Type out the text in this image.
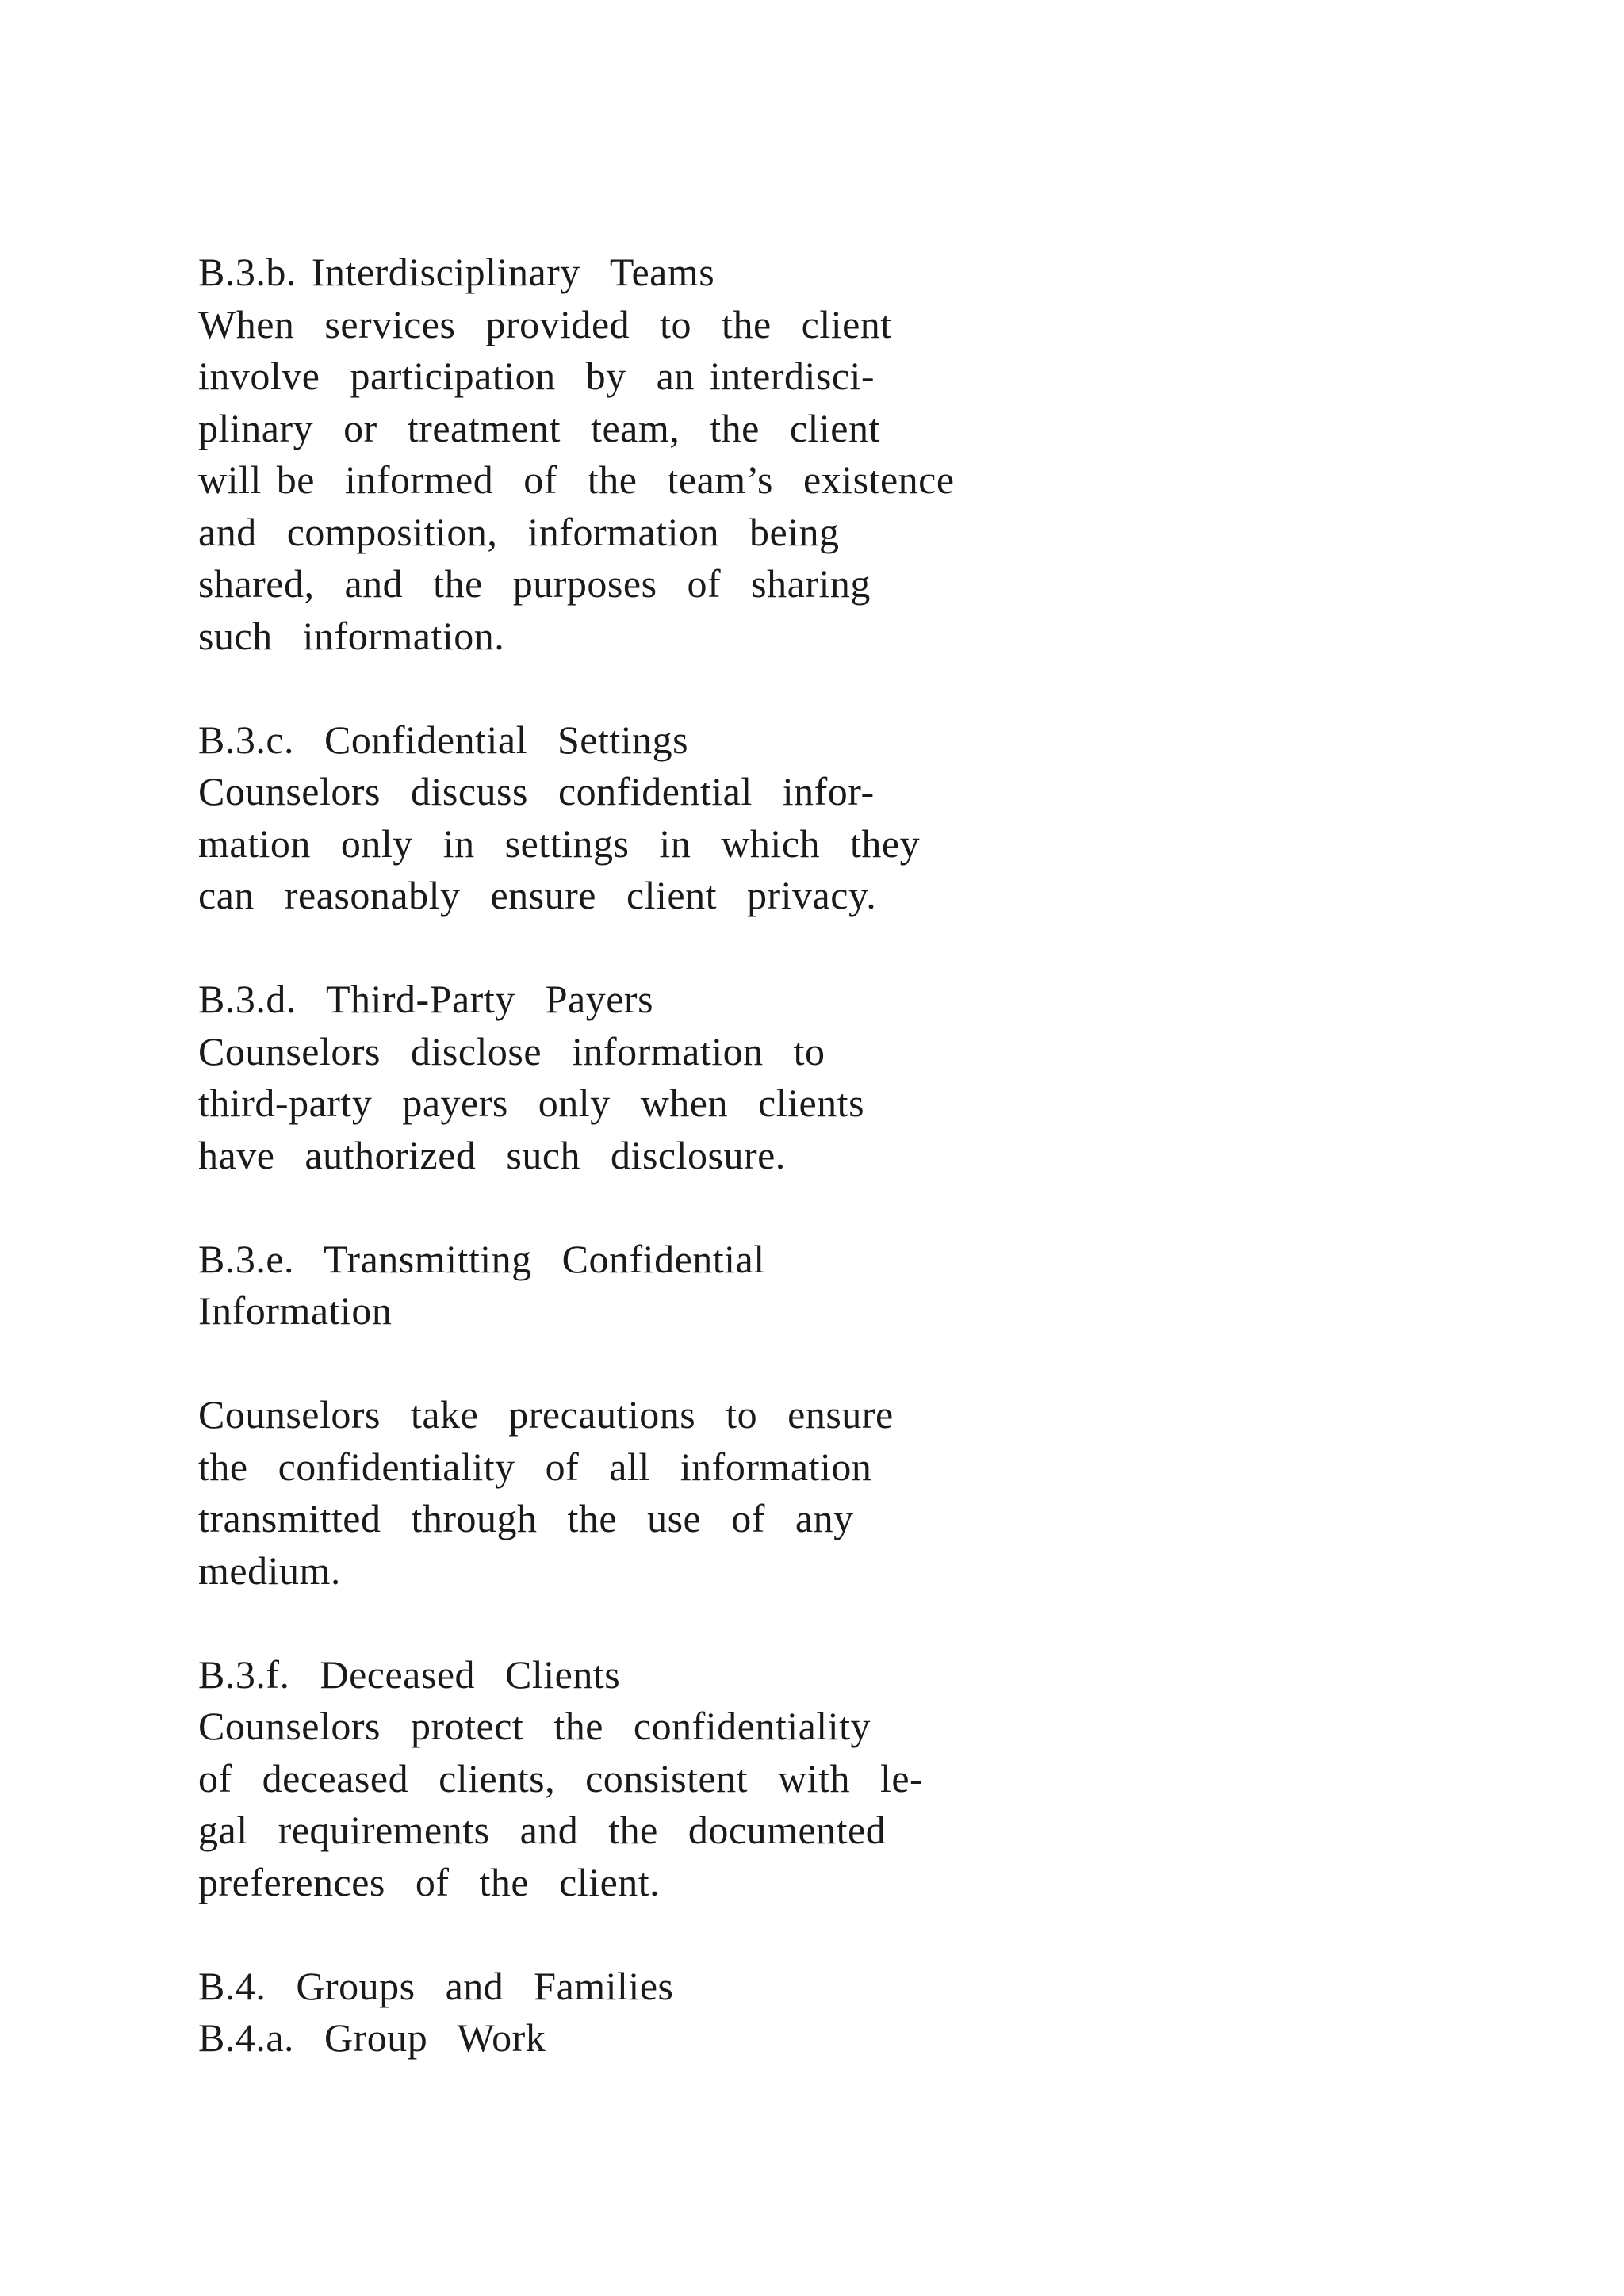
B.3.b. Interdisciplinary  Teams
When  services  provided  to  the  client
involve  participation  by  an interdisci-
plinary  or  treatment  team,  the  client
will be  informed  of  the  team’s  existence
and  composition,  information  being
shared,  and  the  purposes  of  sharing
such  information.
B.3.c.  Confidential  Settings
Counselors  discuss  confidential  infor-
mation  only  in  settings  in  which  they
can  reasonably  ensure  client  privacy.
B.3.d.  Third-Party  Payers
Counselors  disclose  information  to
third-party  payers  only  when  clients
have  authorized  such  disclosure.
B.3.e.  Transmitting  Confidential
Information
Counselors  take  precautions  to  ensure
the  confidentiality  of  all  information
transmitted  through  the  use  of  any
medium.
B.3.f.  Deceased  Clients
Counselors  protect  the  confidentiality
of  deceased  clients,  consistent  with  le-
gal  requirements  and  the  documented
preferences  of  the  client.
B.4.  Groups  and  Families
B.4.a.  Group  Work
